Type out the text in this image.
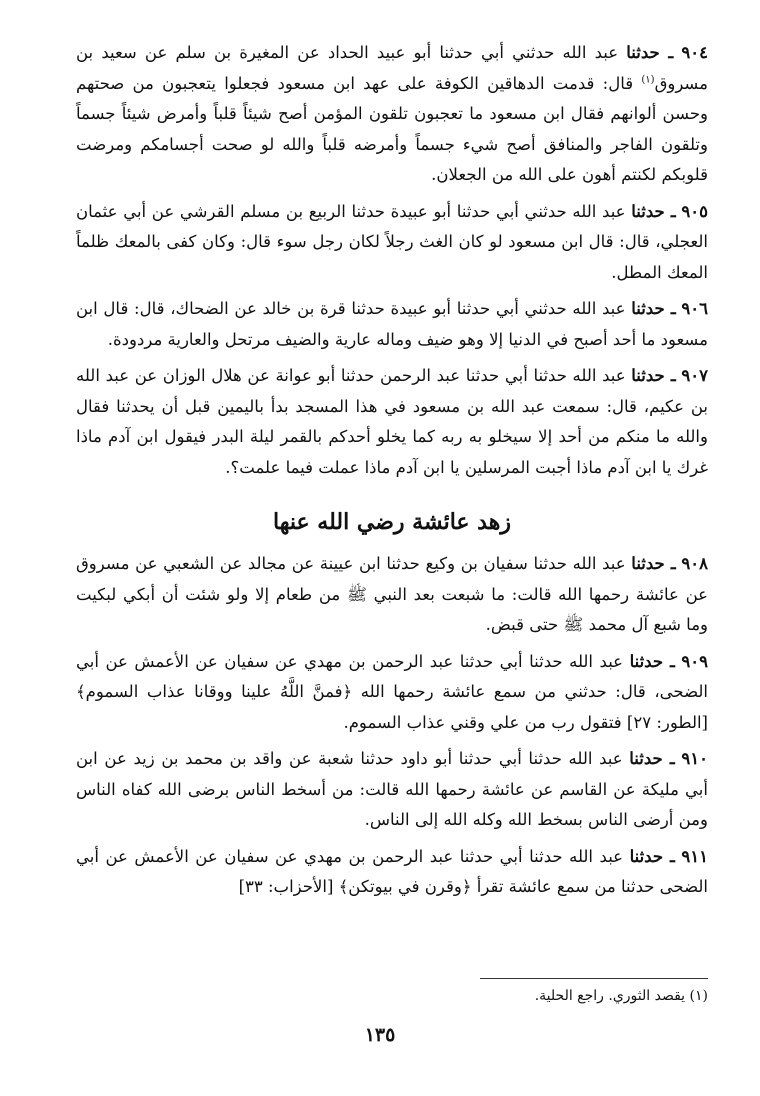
٩٠٤ ـ حدثنا عبد الله حدثني أبي حدثنا أبو عبيد الحداد عن المغيرة بن سلم عن سعيد بن مسروق$^{(١)}$ قال: قدمت الدهاقين الكوفة على عهد ابن مسعود فجعلوا يتعجبون من صحتهم وحسن ألوانهم فقال ابن مسعود ما تعجبون تلقون المؤمن أصح شيئاً قلباً وأمرض شيئاً جسماً وتلقون الفاجر والمنافق أصح شيء جسماً وأمرضه قلباً والله لو صحت أجسامكم ومرضت قلوبكم لكنتم أهون على الله من الجعلان.

٩٠٥ ـ حدثنا عبد الله حدثني أبي حدثنا أبو عبيدة حدثنا الربيع بن مسلم القرشي عن أبي عثمان العجلي، قال: قال ابن مسعود لو كان الغث رجلاً لكان رجل سوء قال: وكان كفى بالمعك ظلماً المعك المطل.

٩٠٦ ـ حدثنا عبد الله حدثني أبي حدثنا أبو عبيدة حدثنا قرة بن خالد عن الضحاك، قال: قال ابن مسعود ما أحد أصبح في الدنيا إلا وهو ضيف وماله عارية والضيف مرتحل والعارية مردودة.

٩٠٧ ـ حدثنا عبد الله حدثنا أبي حدثنا عبد الرحمن حدثنا أبو عوانة عن هلال الوزان عن عبد الله بن عكيم، قال: سمعت عبد الله بن مسعود في هذا المسجد بدأ باليمين قبل أن يحدثنا فقال والله ما منكم من أحد إلا سيخلو به ربه كما يخلو أحدكم بالقمر ليلة البدر فيقول ابن آدم ماذا غرك يا ابن آدم ماذا أجبت المرسلين يا ابن آدم ماذا عملت فيما علمت؟.

زهد عائشة رضي الله عنها

٩٠٨ ـ حدثنا عبد الله حدثنا سفيان بن وكيع حدثنا ابن عيينة عن مجالد عن الشعبي عن مسروق عن عائشة رحمها الله قالت: ما شبعت بعد النبي ﷺ من طعام إلا ولو شئت أن أبكي لبكيت وما شبع آل محمد ﷺ حتى قبض.

٩٠٩ ـ حدثنا عبد الله حدثنا أبي حدثنا عبد الرحمن بن مهدي عن سفيان عن الأعمش عن أبي الضحى، قال: حدثني من سمع عائشة رحمها الله ﴿فمنَّ اللَّهُ علينا ووقانا عذاب السموم﴾ [الطور: ٢٧] فتقول رب من علي وقني عذاب السموم.

٩١٠ ـ حدثنا عبد الله حدثنا أبي حدثنا أبو داود حدثنا شعبة عن واقد بن محمد بن زيد عن ابن أبي مليكة عن القاسم عن عائشة رحمها الله قالت: من أسخط الناس برضى الله كفاه الناس ومن أرضى الناس بسخط الله وكله الله إلى الناس.

٩١١ ـ حدثنا عبد الله حدثنا أبي حدثنا عبد الرحمن بن مهدي عن سفيان عن الأعمش عن أبي الضحى حدثنا من سمع عائشة تقرأ ﴿وقرن في بيوتكن﴾ [الأحزاب: ٣٣]

(١) يقصد الثوري. راجع الحلية.
١٣٥
